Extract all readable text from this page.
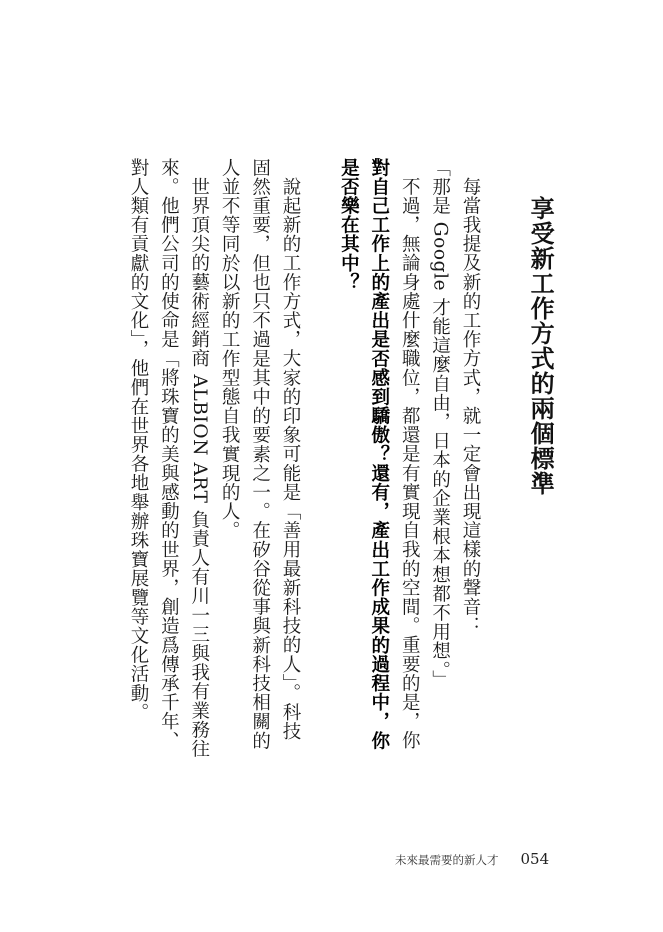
享受新工作方式的兩個標準

每當我提及新的工作方式，就一定會出現這樣的聲音：

「那是 Google 才能這麼自由，日本的企業根本想都不用想。」

不過，無論身處什麼職位，都還是有實現自我的空間。重要的是，你

對自己工作上的產出是否感到驕傲？還有，產出工作成果的過程中，你是否樂在其中？

說起新的工作方式，大家的印象可能是「善用最新科技的人」。科技固然重要，但也只不過是其中的要素之一。在矽谷從事與新科技相關的人並不等同於以新的工作型態自我實現的人。

世界頂尖的藝術經銷商 ALBION ART 負責人有川一三與我有業務往來。他們公司的使命是「將珠寶的美與感動的世界，創造爲傳承千年、對人類有貢獻的文化」，他們在世界各地舉辦珠寶展覽等文化活動。

未來最需要的新人才 054
